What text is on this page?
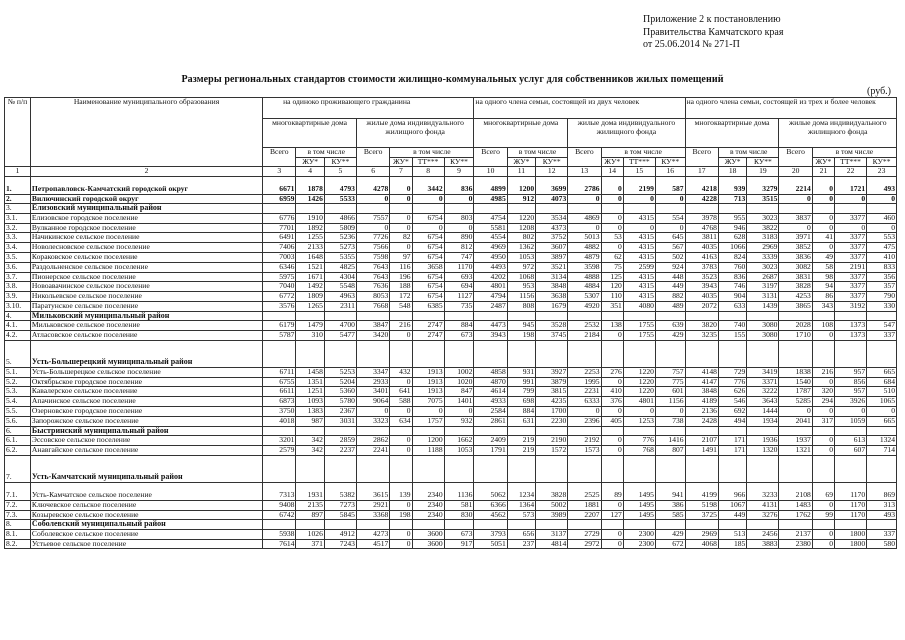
Приложение 2 к постановлению
Правительства Камчатского края
от 25.06.2014 № 271-П
Размеры региональных стандартов стоимости жилищно-коммунальных услуг для собственников жилых помещений
(руб.)
№ п/п	Наименование муниципального образования	на одиноко проживающего гражданина							на одного члена семьи, состоящей из двух человек							на одного члена семьи, состоящей из трех и более человек						
		многоквартирные дома			жилые дома индивидуального жилищного фонда				многоквартирные дома			жилые дома индивидуального жилищного фонда				многоквартирные дома			жилые дома индивидуального жилищного фонда			
		Всего	в том числе		Всего	в том числе			Всего	в том числе		Всего	в том числе			Всего	в том числе		Всего	в том числе		
			ЖУ*	КУ**		ЖУ*	ТТ***	КУ**		ЖУ*	КУ**		ЖУ*	ТТ***	КУ**		ЖУ*	КУ**		ЖУ*	ТТ***	КУ**
1	2	3	4	5	6	7	8	9	10	11	12	13	14	15	16	17	18	19	20	21	22	23
1.	Петропавловск-Камчатский городской округ	6671	1878	4793	4278	0	3442	836	4899	1200	3699	2786	0	2199	587	4218	939	3279	2214	0	1721	493
2.	Вилючинский городской округ	6959	1426	5533	0	0	0	0	4985	912	4073	0	0	0	0	4228	713	3515	0	0	0	0
3.	Елизовский муниципальный район																					
3.1.	Елизовское городское поселение	6776	1910	4866	7557	0	6754	803	4754	1220	3534	4869	0	4315	554	3978	955	3023	3837	0	3377	460
3.2.	Вулканное городское поселение	7701	1892	5809	0	0	0	0	5581	1208	4373	0	0	0	0	4768	946	3822	0	0	0	0
3.3.	Начикинское сельское поселение	6491	1255	5236	7726	82	6754	890	4554	802	3752	5013	53	4315	645	3811	628	3183	3971	41	3377	553
3.4.	Новолесновское сельское поселение	7406	2133	5273	7566	0	6754	812	4969	1362	3607	4882	0	4315	567	4035	1066	2969	3852	0	3377	475
3.5.	Кораковское сельское поселение	7003	1648	5355	7598	97	6754	747	4950	1053	3897	4879	62	4315	502	4163	824	3339	3836	49	3377	410
3.6.	Раздольненское сельское поселение	6346	1521	4825	7643	116	3658	1170	4493	972	3521	3598	75	2599	924	3783	760	3023	3082	58	2191	833
3.7.	Пионерское сельское поселение	5975	1671	4304	7643	196	6754	693	4202	1068	3134	4888	125	4315	448	3523	836	2687	3831	98	3377	356
3.8.	Новоавачинское сельское поселение	7040	1492	5548	7636	188	6754	694	4801	953	3848	4884	120	4315	449	3943	746	3197	3828	94	3377	357
3.9.	Никольевское сельское поселение	6772	1809	4963	8053	172	6754	1127	4794	1156	3638	5307	110	4315	882	4035	904	3131	4253	86	3377	790
3.10.	Паратунское сельское поселение	3576	1265	2311	7668	548	6385	735	2487	808	1679	4920	351	4080	489	2072	633	1439	3865	343	3192	330
4.	Мильковский муниципальный район																					
4.1.	Мильковское сельское поселение	6179	1479	4700	3847	216	2747	884	4473	945	3528	2532	138	1755	639	3820	740	3080	2028	108	1373	547
4.2.	Атласовское сельское поселение	5787	310	5477	3420	0	2747	673	3943	198	3745	2184	0	1755	429	3235	155	3080	1710	0	1373	337
5.	Усть-Большерецкий муниципальный район																					
5.1.	Усть-Большерецкое сельское поселение	6711	1458	5253	3347	432	1913	1002	4858	931	3927	2253	276	1220	757	4148	729	3419	1838	216	957	665
5.2.	Октябрьское городское поселение	6755	1351	5204	2933	0	1913	1020	4870	991	3879	1995	0	1220	775	4147	776	3371	1540	0	856	684
5.3.	Кавалерское сельское поселение	6611	1251	5360	3401	641	1913	847	4614	799	3815	2231	410	1220	601	3848	626	3222	1787	320	957	510
5.4.	Апачинское сельское поселение	6873	1093	5780	9064	588	7075	1401	4933	698	4235	6333	376	4801	1156	4189	546	3643	5285	294	3926	1065
5.5.	Озерновское городское поселение	3750	1383	2367	0	0	0	0	2584	884	1700	0	0	0	0	2136	692	1444	0	0	0	0
5.6.	Запорожское сельское поселение	4018	987	3031	3323	634	1757	932	2861	631	2230	2396	405	1253	738	2428	494	1934	2041	317	1059	665
6.	Быстринский муниципальный район																					
6.1.	Эссовское сельское поселение	3201	342	2859	2862	0	1200	1662	2409	219	2190	2192	0	776	1416	2107	171	1936	1937	0	613	1324
6.2.	Анавгайское сельское поселение	2579	342	2237	2241	0	1188	1053	1791	219	1572	1573	0	768	807	1491	171	1320	1321	0	607	714
7.	Усть-Камчатский муниципальный район																					
7.1.	Усть-Камчатское сельское поселение	7313	1931	5382	3615	139	2340	1136	5062	1234	3828	2525	89	1495	941	4199	966	3233	2108	69	1170	869
7.2.	Ключевское сельское поселение	9408	2135	7273	2921	0	2340	581	6366	1364	5002	1881	0	1495	386	5198	1067	4131	1483	0	1170	313
7.3.	Козыревское сельское поселение	6742	897	5845	3368	198	2340	830	4562	573	3989	2207	127	1495	585	3725	449	3276	1762	99	1170	493
8.	Соболевский муниципальный район																					
8.1.	Соболевское сельское поселение	5938	1026	4912	4273	0	3600	673	3793	656	3137	2729	0	2300	429	2969	513	2456	2137	0	1800	337
8.2.	Устьевое сельское поселение	7614	371	7243	4517	0	3600	917	5051	237	4814	2972	0	2300	672	4068	185	3883	2380	0	1800	580
